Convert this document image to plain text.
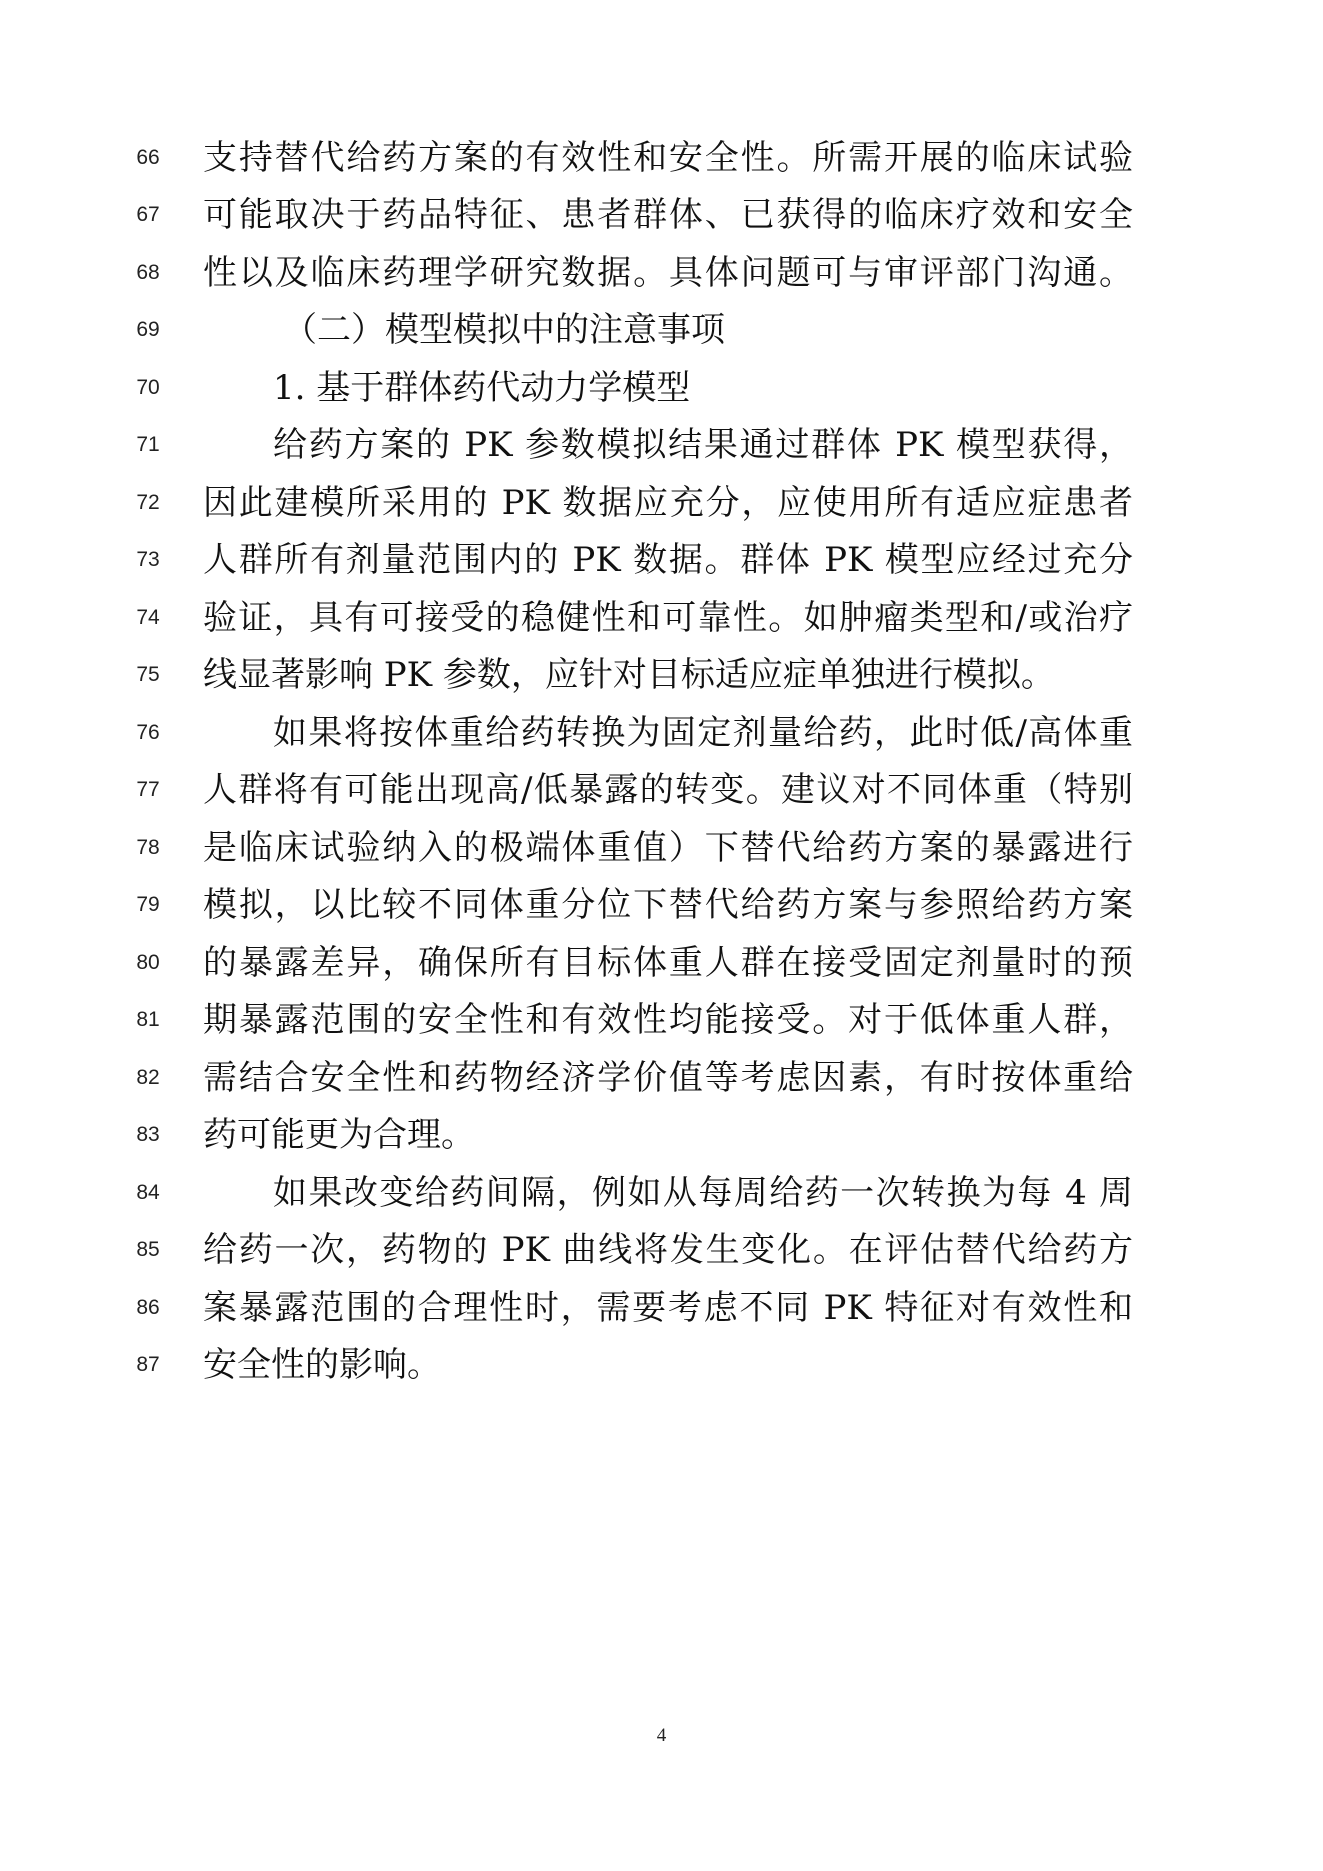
66	支持替代给药方案的有效性和安全性。所需开展的临床试验
67	可能取决于药品特征、患者群体、已获得的临床疗效和安全
68	性以及临床药理学研究数据。具体问题可与审评部门沟通。
69	（二）模型模拟中的注意事项
70	1. 基于群体药代动力学模型
71	给药方案的 PK 参数模拟结果通过群体 PK 模型获得，
72	因此建模所采用的 PK 数据应充分，应使用所有适应症患者
73	人群所有剂量范围内的 PK 数据。群体 PK 模型应经过充分
74	验证，具有可接受的稳健性和可靠性。如肿瘤类型和/或治疗
75	线显著影响 PK 参数，应针对目标适应症单独进行模拟。
76	如果将按体重给药转换为固定剂量给药，此时低/高体重
77	人群将有可能出现高/低暴露的转变。建议对不同体重（特别
78	是临床试验纳入的极端体重值）下替代给药方案的暴露进行
79	模拟，以比较不同体重分位下替代给药方案与参照给药方案
80	的暴露差异，确保所有目标体重人群在接受固定剂量时的预
81	期暴露范围的安全性和有效性均能接受。对于低体重人群，
82	需结合安全性和药物经济学价值等考虑因素，有时按体重给
83	药可能更为合理。
84	如果改变给药间隔，例如从每周给药一次转换为每 4 周
85	给药一次，药物的 PK 曲线将发生变化。在评估替代给药方
86	案暴露范围的合理性时，需要考虑不同 PK 特征对有效性和
87	安全性的影响。
4
